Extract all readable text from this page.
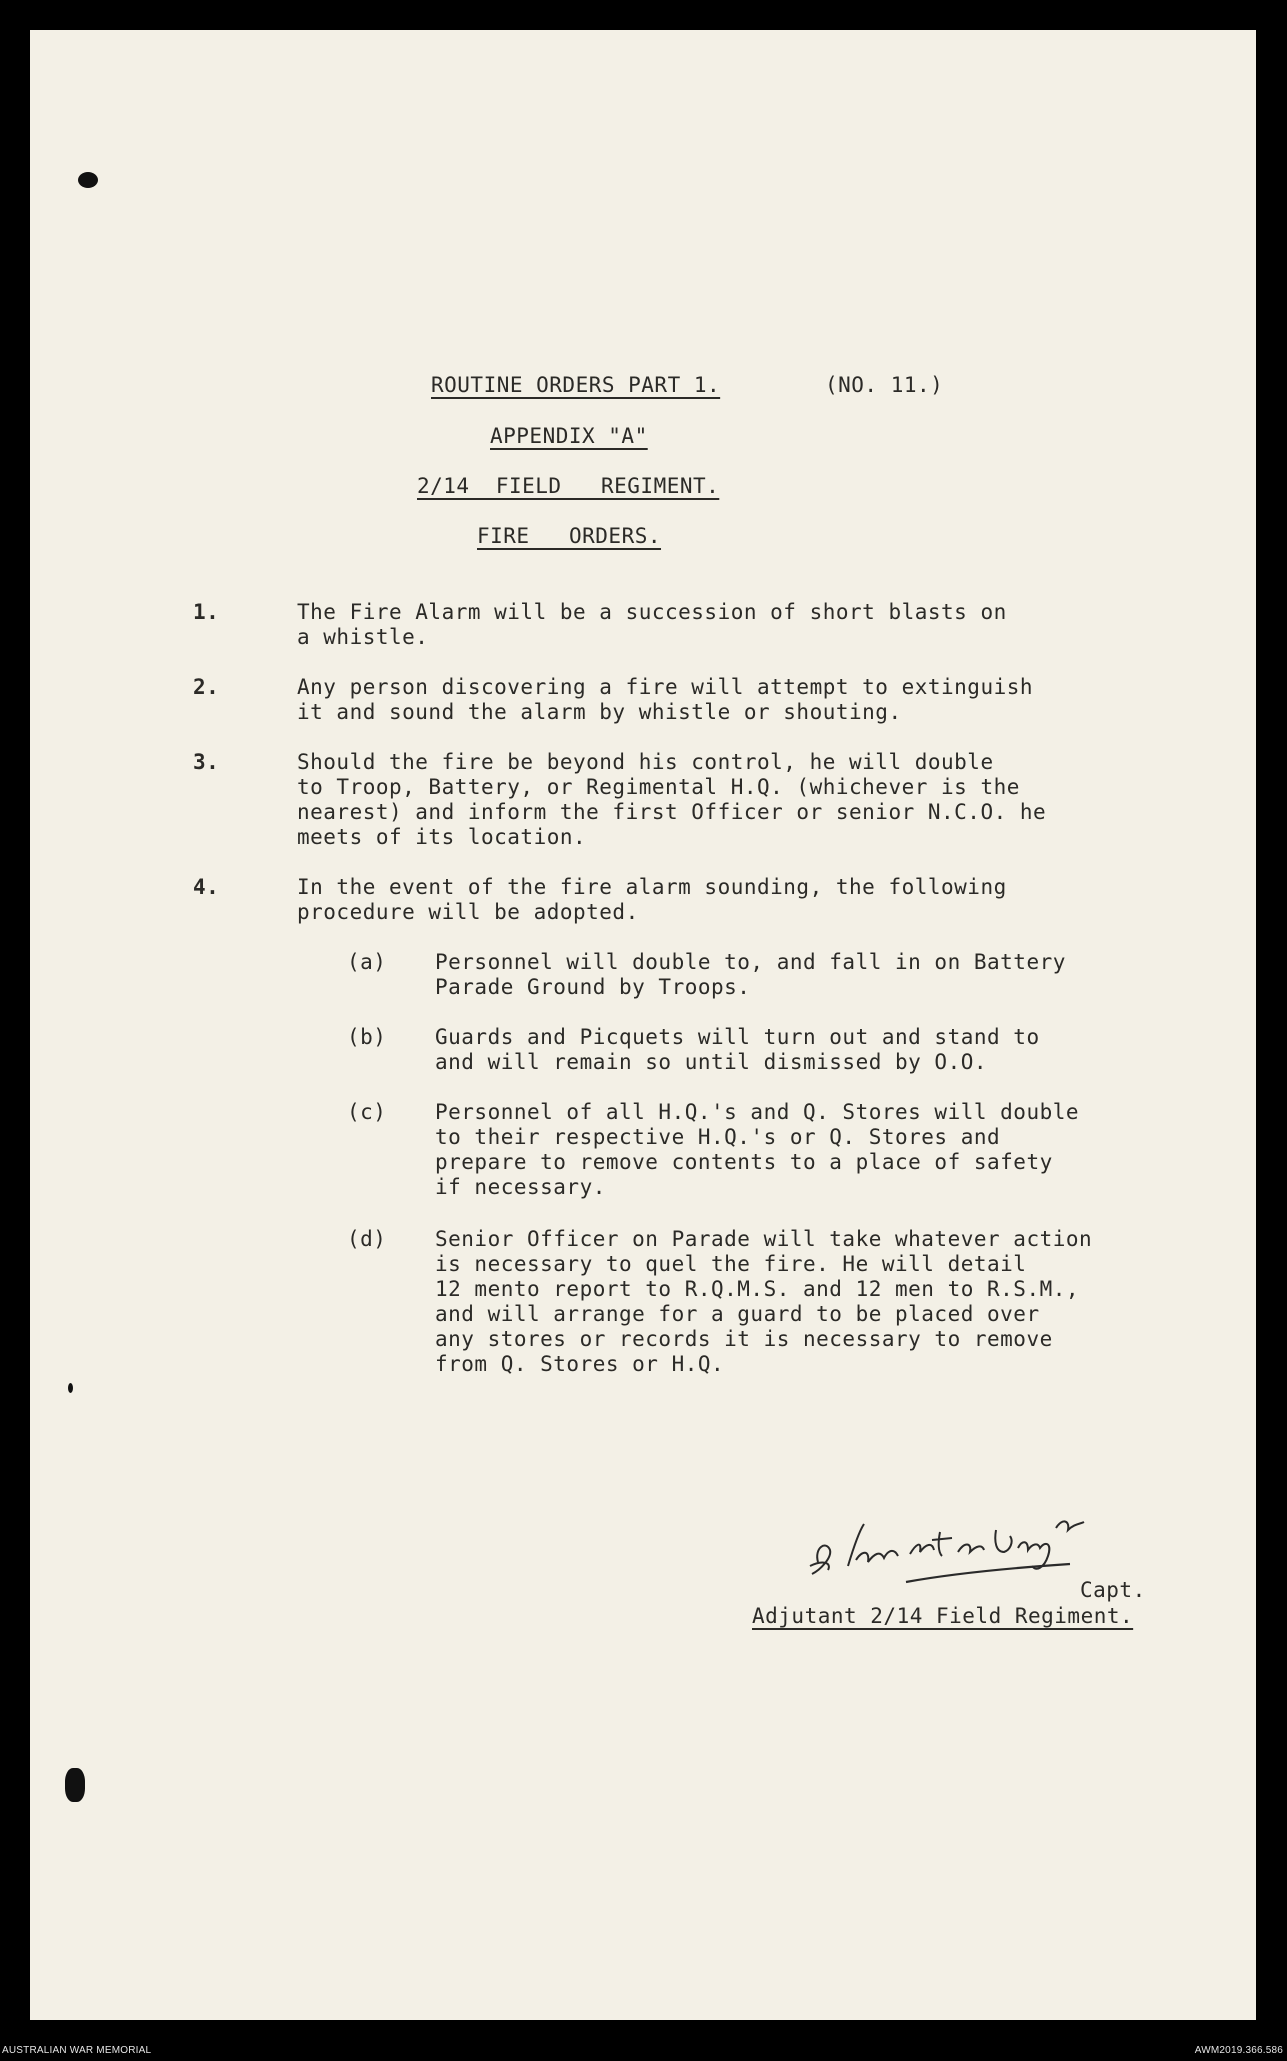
ROUTINE ORDERS PART 1.	(NO. 11.)
APPENDIX "A"
2/14  FIELD   REGIMENT.
FIRE   ORDERS.
1.	The Fire Alarm will be a succession of short blasts on
a whistle.
2.	Any person discovering a fire will attempt to extinguish
it and sound the alarm by whistle or shouting.
3.	Should the fire be beyond his control, he will double
to Troop, Battery, or Regimental H.Q. (whichever is the
nearest) and inform the first Officer or senior N.C.O. he
meets of its location.
4.	In the event of the fire alarm sounding, the following
procedure will be adopted.
(a) Personnel will double to, and fall in on Battery
Parade Ground by Troops.
(b) Guards and Picquets will turn out and stand to
and will remain so until dismissed by O.O.
(c) Personnel of all H.Q.'s and Q. Stores will double
to their respective H.Q.'s or Q. Stores and
prepare to remove contents to a place of safety
if necessary.
(d) Senior Officer on Parade will take whatever action
is necessary to quel the fire. He will detail
12 mento report to R.Q.M.S. and 12 men to R.S.M.,
and will arrange for a guard to be placed over
any stores or records it is necessary to remove
from Q. Stores or H.Q.
Capt.
Adjutant 2/14 Field Regiment.
AUSTRALIAN WAR MEMORIAL	AWM2019.366.586
